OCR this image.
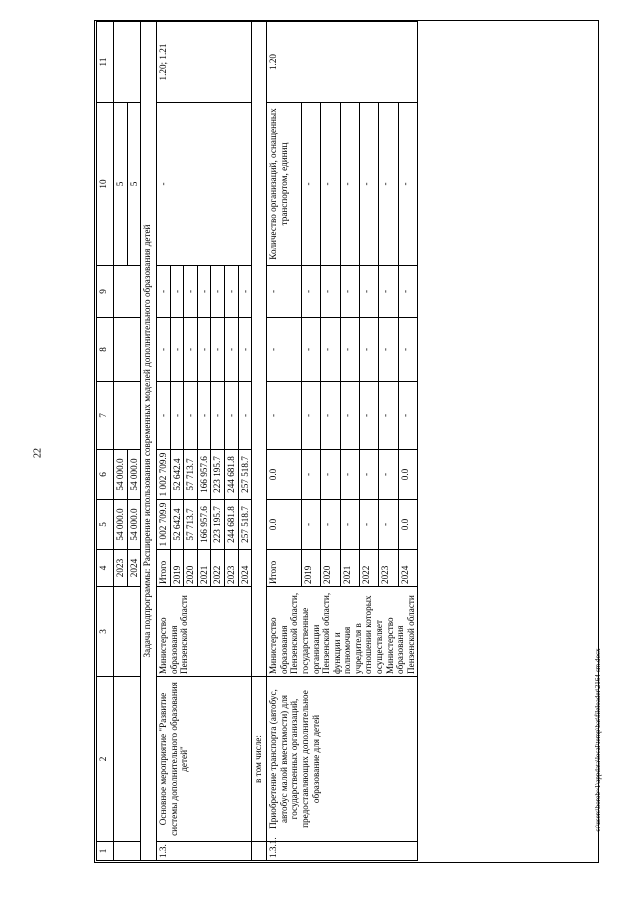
22
c:\users\borob~1\appdata\local\temp\bat\fileloader\2164-sm.docx
1	2	3	4	5	6	7	8	9	10	11
			2023	54 000.0	54 000.0				5	
			2024	54 000.0	54 000.0				5	
Задача подпрограммы: Расширение использования современных моделей дополнительного образования детей										
1.3.	Основное мероприятие "Развитие системы дополнительного образования детей"	Министерство образования Пензенской области	Итого	1 002 709.9	1 002 709.9	-	-	-	-	1.20; 1.21
			2019	52 642.4	52 642.4	-	-	-		
			2020	57 713.7	57 713.7	-	-	-		
			2021	166 957.6	166 957.6	-	-	-		
			2022	223 195.7	223 195.7	-	-	-		
			2023	244 681.8	244 681.8	-	-	-		
			2024	257 518.7	257 518.7	-	-	-		
	в том числе:									
1.3.1.	Приобретение транспорта (автобус, автобус малой вместимости) для государственных организаций, предоставляющих дополнительное образование для детей	Министерство образования Пензенской области, государственные организации Пензенской области, функции и полномочия учредителя в отношении которых осуществляет Министерство образования Пензенской области	Итого	0.0	0.0	-	-	-	Количество организаций, оснащенных транспортом, единиц	1.20
			2019	-	-	-	-	-	-	
			2020	-	-	-	-	-	-	
			2021	-	-	-	-	-	-	
			2022	-	-	-	-	-	-	
			2023	-	-	-	-	-	-	
			2024	0.0	0.0	-	-	-	-	
